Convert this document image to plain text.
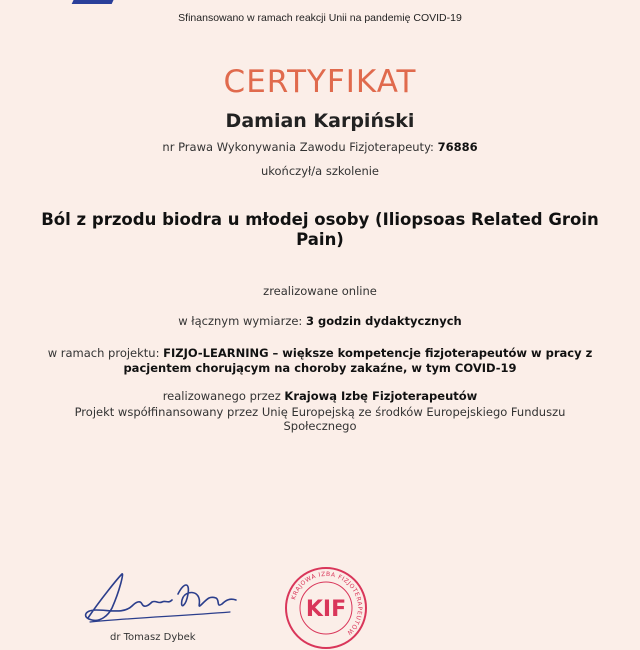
Sfinansowano w ramach reakcji Unii na pandemię COVID-19
CERTYFIKAT
Damian Karpiński
nr Prawa Wykonywania Zawodu Fizjoterapeuty: 76886
ukończył/a szkolenie
Ból z przodu biodra u młodej osoby (Iliopsoas Related Groin Pain)
zrealizowane online
w łącznym wymiarze: 3 godzin dydaktycznych
w ramach projektu: FIZJO-LEARNING – większe kompetencje fizjoterapeutów w pracy z pacjentem chorującym na choroby zakaźne, w tym COVID-19
realizowanego przez Krajową Izbę Fizjoterapeutów
Projekt współfinansowany przez Unię Europejską ze środków Europejskiego Funduszu Społecznego
dr Tomasz Dybek
KRAJOWA IZBA FIZJOTERAPEUTÓW
KIF
